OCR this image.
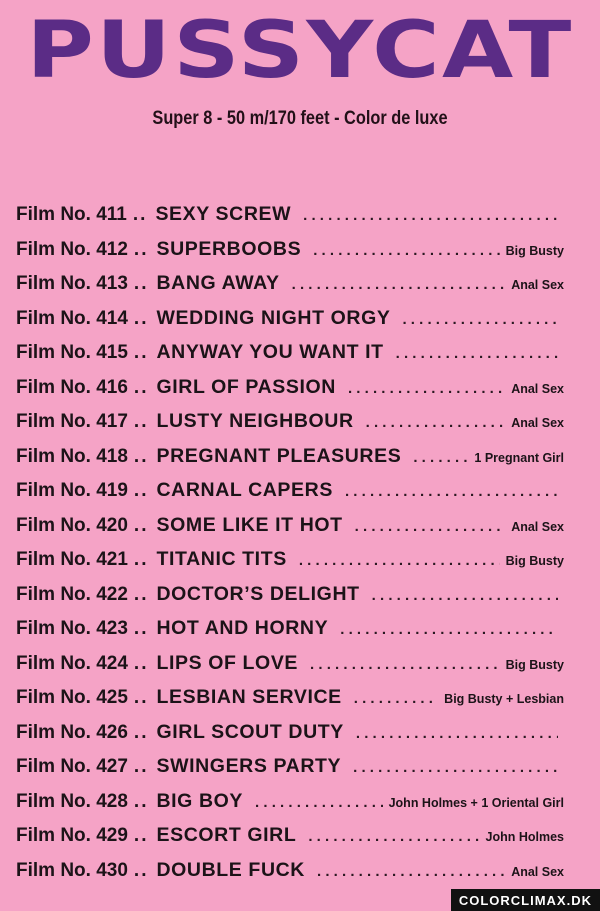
PUSSYCAT
Super 8 - 50 m/170 feet - Color de luxe
Film No. 411 .. SEXY SCREW
. . .
Film No. 412 .. SUPERBOOBS . . .	Big Busty
Film No. 413 .. BANG AWAY . . .	Anal Sex
Film No. 414 .. WEDDING NIGHT ORGY
. . .
Film No. 415 .. ANYWAY YOU WANT IT
. . .
Film No. 416 .. GIRL OF PASSION . . .	Anal Sex
Film No. 417 .. LUSTY NEIGHBOUR . . .	Anal Sex
Film No. 418 .. PREGNANT PLEASURES . . .	1 Pregnant Girl
Film No. 419 .. CARNAL CAPERS
. . .
Film No. 420 .. SOME LIKE IT HOT . . .	Anal Sex
Film No. 421 .. TITANIC TITS . . .	Big Busty
Film No. 422 .. DOCTOR’S DELIGHT
. . .
Film No. 423 .. HOT AND HORNY
. . .
Film No. 424 .. LIPS OF LOVE . . .	Big Busty
Film No. 425 .. LESBIAN SERVICE . . .	Big Busty + Lesbian
Film No. 426 .. GIRL SCOUT DUTY
. . .
Film No. 427 .. SWINGERS PARTY
. . .
Film No. 428 .. BIG BOY . . .	John Holmes + 1 Oriental Girl
Film No. 429 .. ESCORT GIRL . . .	John Holmes
Film No. 430 .. DOUBLE FUCK . . .	Anal Sex
COLORCLIMAX.DK
